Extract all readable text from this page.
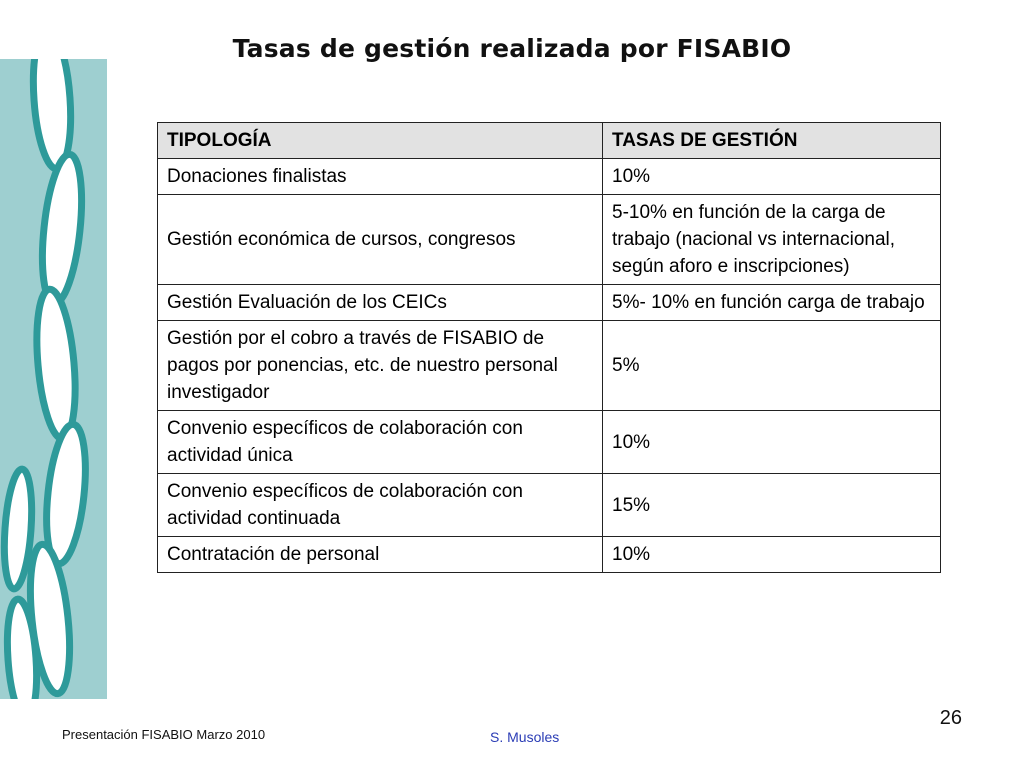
Tasas de gestión realizada por FISABIO
TIPOLOGÍA	TASAS DE GESTIÓN
Donaciones finalistas	10%
Gestión económica de cursos, congresos	5-10% en función de la carga de trabajo (nacional vs internacional, según aforo e inscripciones)
Gestión Evaluación de los CEICs	5%- 10% en función carga de trabajo
Gestión por el cobro a través de FISABIO de pagos por ponencias, etc. de nuestro personal investigador	5%
Convenio específicos de colaboración con actividad única	10%
Convenio específicos de colaboración con actividad continuada	15%
Contratación de personal	10%
26
Presentación FISABIO Marzo 2010	S. Musoles
